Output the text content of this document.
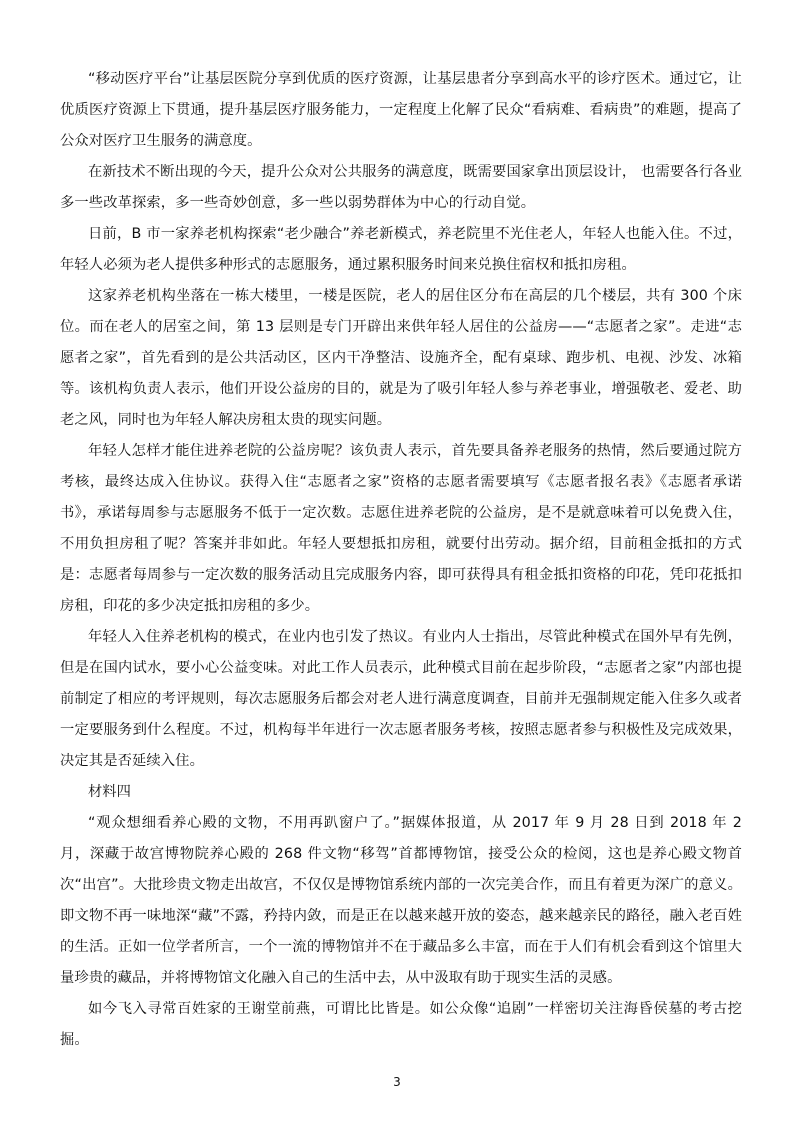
“移动医疗平台”让基层医院分享到优质的医疗资源，让基层患者分享到高水平的诊疗医术。通过它，让优质医疗资源上下贯通，提升基层医疗服务能力，一定程度上化解了民众“看病难、看病贵”的难题，提高了公众对医疗卫生服务的满意度。

在新技术不断出现的今天，提升公众对公共服务的满意度，既需要国家拿出顶层设计， 也需要各行各业多一些改革探索，多一些奇妙创意，多一些以弱势群体为中心的行动自觉。

日前，B 市一家养老机构探索“老少融合”养老新模式，养老院里不光住老人，年轻人也能入住。不过，年轻人必须为老人提供多种形式的志愿服务，通过累积服务时间来兑换住宿权和抵扣房租。

这家养老机构坐落在一栋大楼里，一楼是医院，老人的居住区分布在高层的几个楼层，共有 300 个床位。而在老人的居室之间，第 13 层则是专门开辟出来供年轻人居住的公益房——“志愿者之家”。走进“志愿者之家”，首先看到的是公共活动区，区内干净整洁、设施齐全，配有桌球、跑步机、电视、沙发、冰箱等。该机构负责人表示，他们开设公益房的目的，就是为了吸引年轻人参与养老事业，增强敬老、爱老、助老之风，同时也为年轻人解决房租太贵的现实问题。

年轻人怎样才能住进养老院的公益房呢？该负责人表示，首先要具备养老服务的热情，然后要通过院方考核，最终达成入住协议。获得入住“志愿者之家”资格的志愿者需要填写《志愿者报名表》《志愿者承诺书》，承诺每周参与志愿服务不低于一定次数。志愿住进养老院的公益房，是不是就意味着可以免费入住，不用负担房租了呢？答案并非如此。年轻人要想抵扣房租，就要付出劳动。据介绍，目前租金抵扣的方式是：志愿者每周参与一定次数的服务活动且完成服务内容，即可获得具有租金抵扣资格的印花，凭印花抵扣房租，印花的多少决定抵扣房租的多少。

年轻人入住养老机构的模式，在业内也引发了热议。有业内人士指出，尽管此种模式在国外早有先例，但是在国内试水，要小心公益变味。对此工作人员表示，此种模式目前在起步阶段，“志愿者之家”内部也提前制定了相应的考评规则，每次志愿服务后都会对老人进行满意度调查，目前并无强制规定能入住多久或者一定要服务到什么程度。不过，机构每半年进行一次志愿者服务考核，按照志愿者参与积极性及完成效果，决定其是否延续入住。

材料四

“观众想细看养心殿的文物，不用再趴窗户了。”据媒体报道，从 2017 年 9 月 28 日到 2018 年 2 月，深藏于故宫博物院养心殿的 268 件文物“移驾”首都博物馆，接受公众的检阅，这也是养心殿文物首次“出宫”。大批珍贵文物走出故宫，不仅仅是博物馆系统内部的一次完美合作，而且有着更为深广的意义。即文物不再一味地深“藏”不露，矜持内敛，而是正在以越来越开放的姿态，越来越亲民的路径，融入老百姓的生活。正如一位学者所言，一个一流的博物馆并不在于藏品多么丰富，而在于人们有机会看到这个馆里大量珍贵的藏品，并将博物馆文化融入自己的生活中去，从中汲取有助于现实生活的灵感。

如今飞入寻常百姓家的王谢堂前燕，可谓比比皆是。如公众像“追剧”一样密切关注海昏侯墓的考古挖掘。

3
